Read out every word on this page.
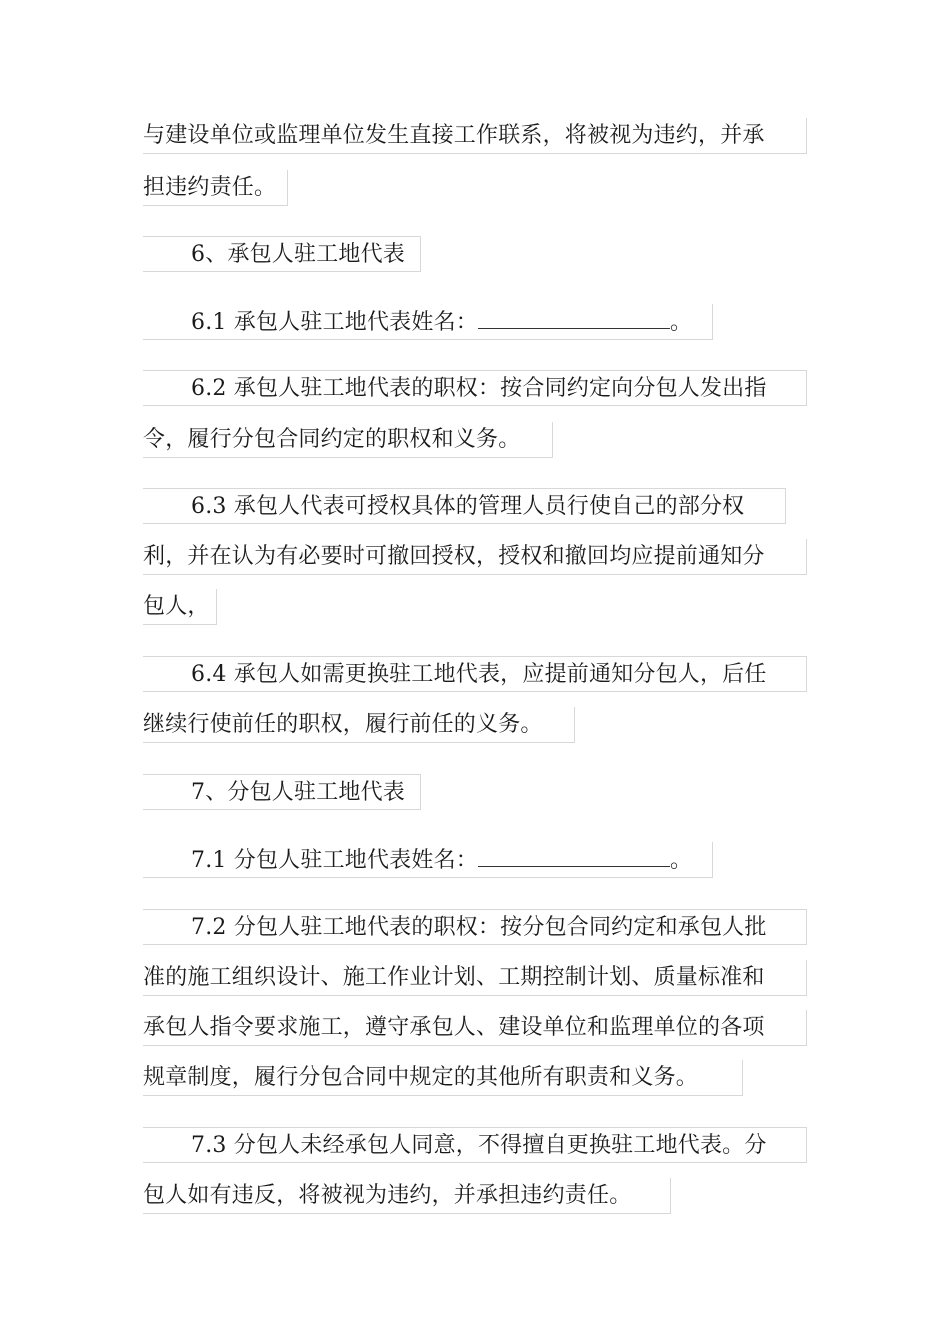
与建设单位或监理单位发生直接工作联系，将被视为违约，并承
担违约责任。
6、承包人驻工地代表
6.1 承包人驻工地代表姓名：	。
6.2 承包人驻工地代表的职权：按合同约定向分包人发出指
令，履行分包合同约定的职权和义务。
6.3 承包人代表可授权具体的管理人员行使自己的部分权
利，并在认为有必要时可撤回授权，授权和撤回均应提前通知分
包人，
6.4 承包人如需更换驻工地代表，应提前通知分包人，后任
继续行使前任的职权，履行前任的义务。
7、分包人驻工地代表
7.1 分包人驻工地代表姓名：	。
7.2 分包人驻工地代表的职权：按分包合同约定和承包人批
准的施工组织设计、施工作业计划、工期控制计划、质量标准和
承包人指令要求施工，遵守承包人、建设单位和监理单位的各项
规章制度，履行分包合同中规定的其他所有职责和义务。
7.3 分包人未经承包人同意，不得擅自更换驻工地代表。分
包人如有违反，将被视为违约，并承担违约责任。
